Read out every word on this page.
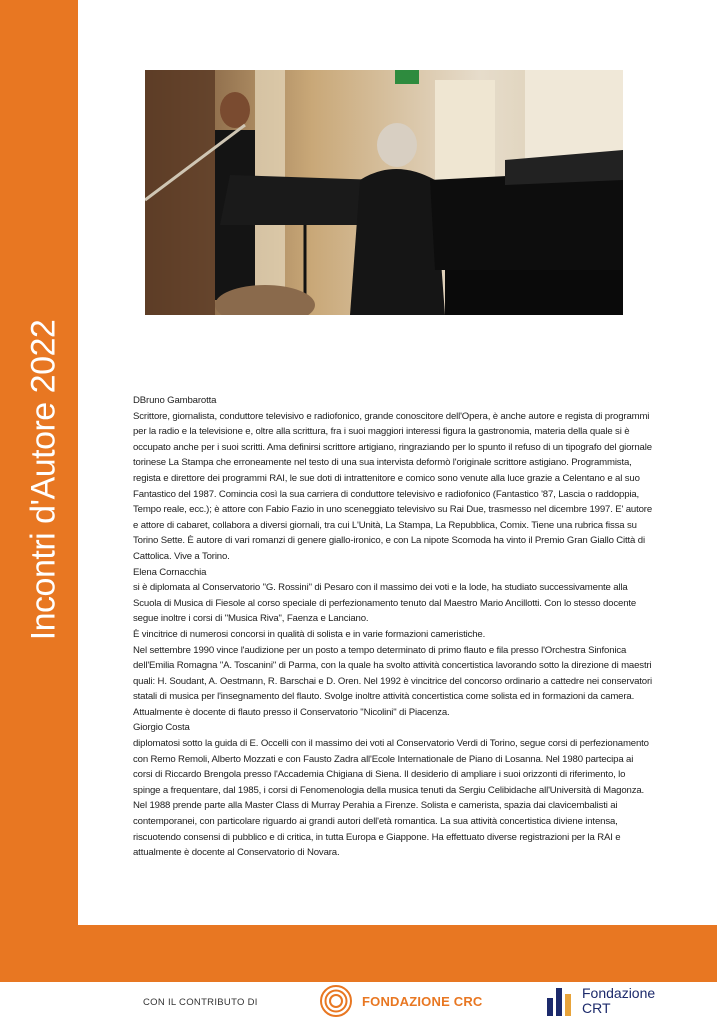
Incontri d'Autore 2022	DBruno Gambarotta

Scrittore, giornalista, conduttore televisivo e radiofonico, grande conoscitore dell'Opera, è anche autore e regista di programmi per la radio e la televisione e, oltre alla scrittura, fra i suoi maggiori interessi figura la gastronomia, materia della quale si è occupato anche per i suoi scritti. Ama definirsi scrittore artigiano, ringraziando per lo spunto il refuso di un tipografo del giornale torinese La Stampa che erroneamente nel testo di una sua intervista deformò l'originale scrittore astigiano. Programmista, regista e direttore dei programmi RAI, le sue doti di intrattenitore e comico sono venute alla luce grazie a Celentano e al suo Fantastico del 1987. Comincia così la sua carriera di conduttore televisivo e radiofonico (Fantastico '87, Lascia o raddoppia, Tempo reale, ecc.); è attore con Fabio Fazio in uno sceneggiato televisivo su Rai Due, trasmesso nel dicembre 1997. E' autore e attore di cabaret, collabora a diversi giornali, tra cui L'Unità, La Stampa, La Repubblica, Comix. Tiene una rubrica fissa su Torino Sette. È autore di vari romanzi di genere giallo-ironico, e con La nipote Scomoda ha vinto il Premio Gran Giallo Città di Cattolica. Vive a Torino.

Elena Cornacchia

si è diplomata al Conservatorio "G. Rossini" di Pesaro con il massimo dei voti e la lode, ha studiato successivamente alla Scuola di Musica di Fiesole al corso speciale di perfezionamento tenuto dal Maestro Mario Ancillotti. Con lo stesso docente segue inoltre i corsi di "Musica Riva", Faenza e Lanciano.

È vincitrice di numerosi concorsi in qualità di solista e in varie formazioni cameristiche.

Nel settembre 1990 vince l'audizione per un posto a tempo determinato di primo flauto e fila presso l'Orchestra Sinfonica dell'Emilia Romagna "A. Toscanini" di Parma, con la quale ha svolto attività concertistica lavorando sotto la direzione di maestri quali: H. Soudant, A. Oestmann, R. Barschai e D. Oren. Nel 1992 è vincitrice del concorso ordinario a cattedre nei conservatori statali di musica per l'insegnamento del flauto. Svolge inoltre attività concertistica come solista ed in formazioni da camera. Attualmente è docente di flauto presso il Conservatorio "Nicolini" di Piacenza.

Giorgio Costa

diplomatosi sotto la guida di E. Occelli con il massimo dei voti al Conservatorio Verdi di Torino, segue corsi di perfezionamento con Remo Remoli, Alberto Mozzati e con Fausto Zadra all'Ecole Internationale de Piano di Losanna. Nel 1980 partecipa ai corsi di Riccardo Brengola presso l'Accademia Chigiana di Siena. Il desiderio di ampliare i suoi orizzonti di riferimento, lo spinge a frequentare, dal 1985, i corsi di Fenomenologia della musica tenuti da Sergiu Celibidache all'Università di Magonza. Nel 1988 prende parte alla Master Class di Murray Perahia a Firenze. Solista e camerista, spazia dai clavicembalisti ai contemporanei, con particolare riguardo ai grandi autori dell'età romantica. La sua attività concertistica diviene intensa, riscuotendo consensi di pubblico e di critica, in tutta Europa e Giappone. Ha effettuato diverse registrazioni per la RAI e attualmente è docente al Conservatorio di Novara.

CON IL CONTRIBUTO DI	FONDAZIONE CRC	Fondazione
CRT
